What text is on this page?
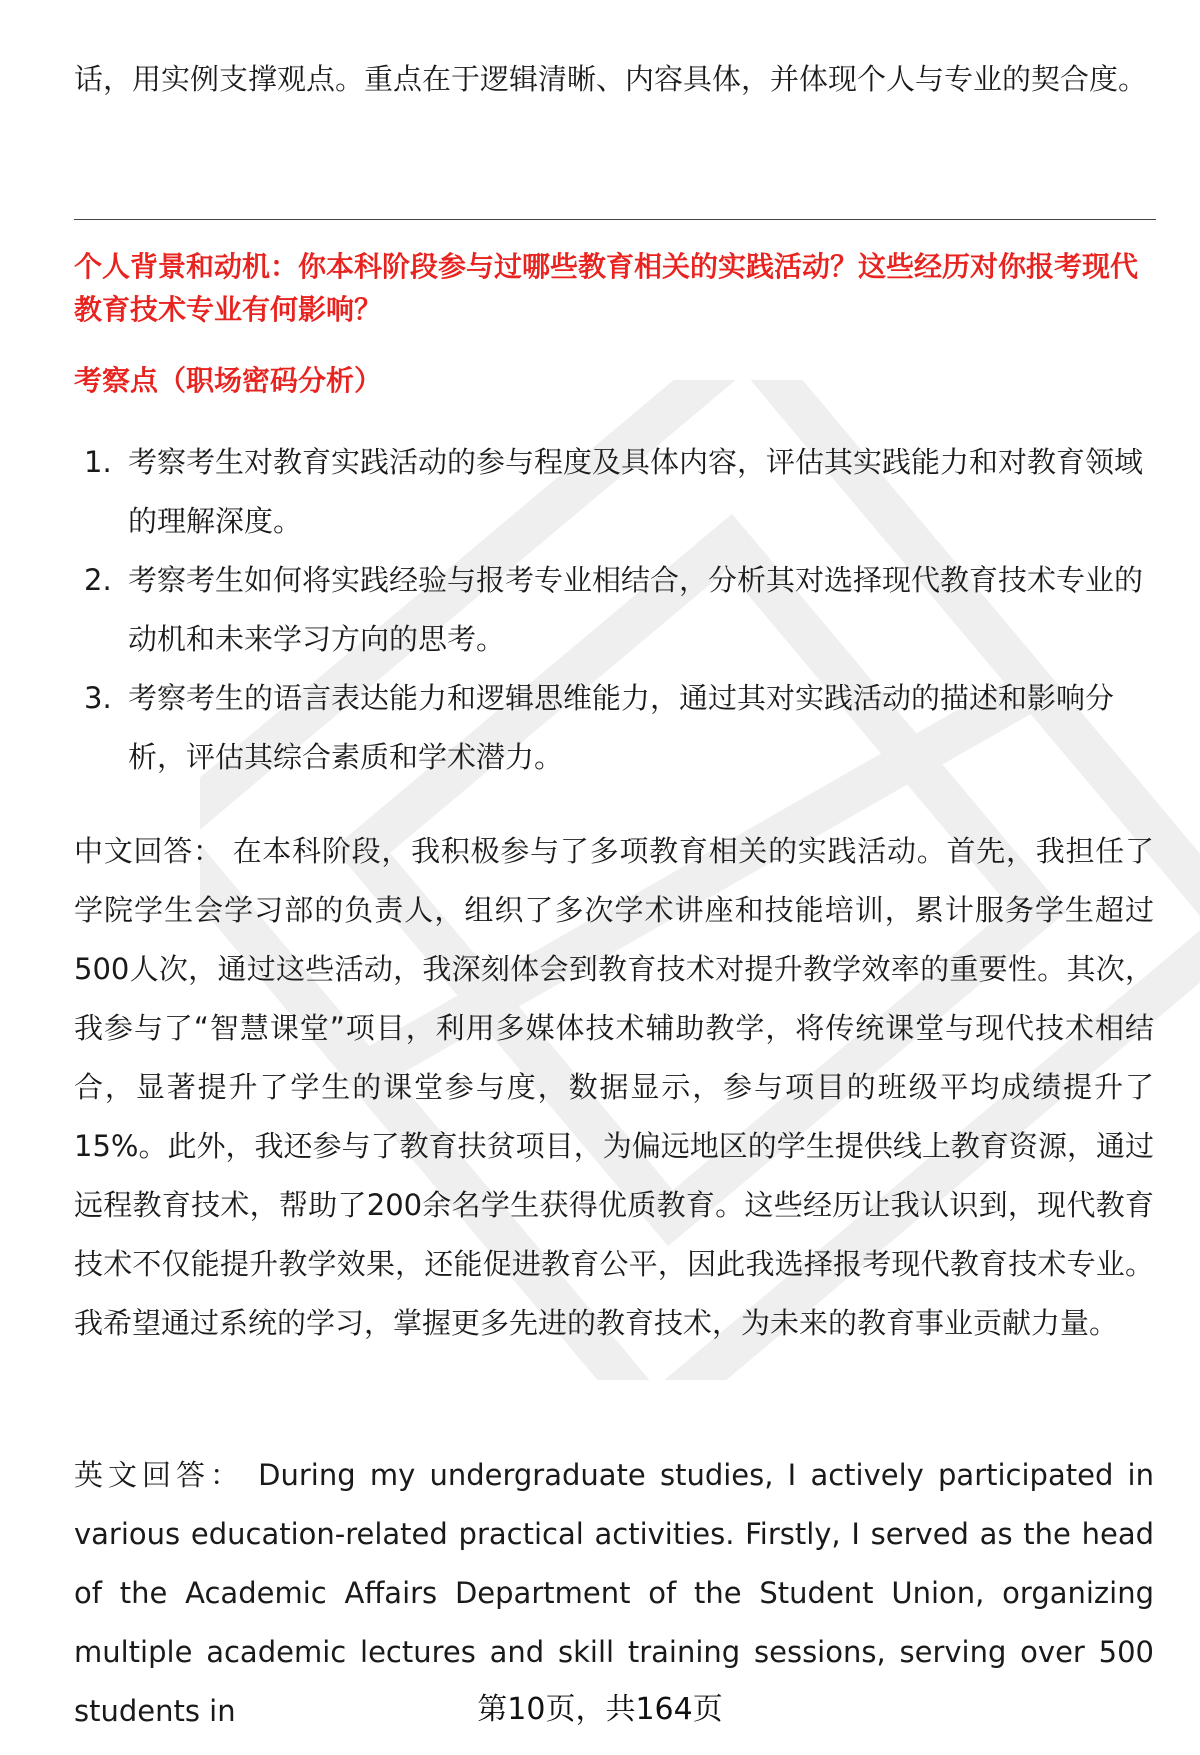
话，用实例支撑观点。重点在于逻辑清晰、内容具体，并体现个人与专业的契合度。
个人背景和动机：你本科阶段参与过哪些教育相关的实践活动？这些经历对你报考现代教育技术专业有何影响？
考察点（职场密码分析）
1. 考察考生对教育实践活动的参与程度及具体内容，评估其实践能力和对教育领域的理解深度。
2. 考察考生如何将实践经验与报考专业相结合，分析其对选择现代教育技术专业的动机和未来学习方向的思考。
3. 考察考生的语言表达能力和逻辑思维能力，通过其对实践活动的描述和影响分析，评估其综合素质和学术潜力。
中文回答： 在本科阶段，我积极参与了多项教育相关的实践活动。首先，我担任了学院学生会学习部的负责人，组织了多次学术讲座和技能培训，累计服务学生超过500人次，通过这些活动，我深刻体会到教育技术对提升教学效率的重要性。其次，我参与了“智慧课堂”项目，利用多媒体技术辅助教学，将传统课堂与现代技术相结合，显著提升了学生的课堂参与度，数据显示，参与项目的班级平均成绩提升了15%。此外，我还参与了教育扶贫项目，为偏远地区的学生提供线上教育资源，通过远程教育技术，帮助了200余名学生获得优质教育。这些经历让我认识到，现代教育技术不仅能提升教学效果，还能促进教育公平，因此我选择报考现代教育技术专业。我希望通过系统的学习，掌握更多先进的教育技术，为未来的教育事业贡献力量。
英文回答： During my undergraduate studies, I actively participated in various education-related practical activities. Firstly, I served as the head of the Academic Affairs Department of the Student Union, organizing multiple academic lectures and skill training sessions, serving over 500 students in	第10页，共164页
